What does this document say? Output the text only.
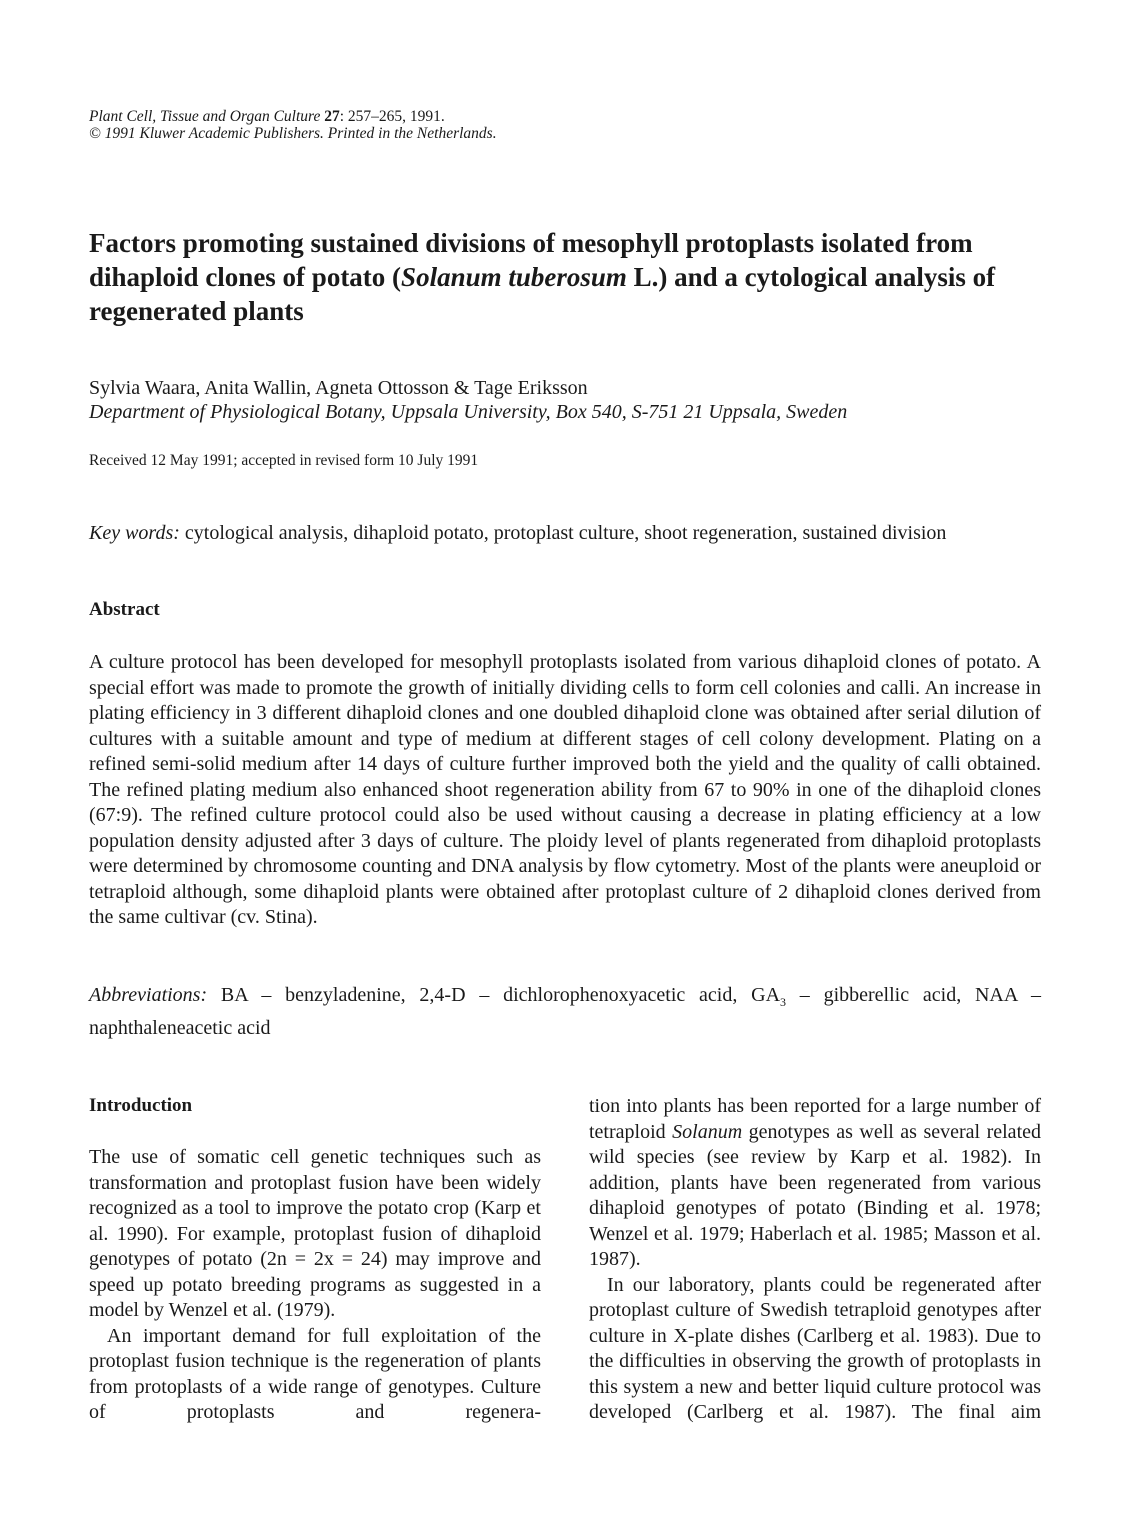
Plant Cell, Tissue and Organ Culture 27: 257–265, 1991.
© 1991 Kluwer Academic Publishers. Printed in the Netherlands.
Factors promoting sustained divisions of mesophyll protoplasts isolated from dihaploid clones of potato (Solanum tuberosum L.) and a cytological analysis of regenerated plants
Sylvia Waara, Anita Wallin, Agneta Ottosson & Tage Eriksson
Department of Physiological Botany, Uppsala University, Box 540, S-751 21 Uppsala, Sweden
Received 12 May 1991; accepted in revised form 10 July 1991
Key words: cytological analysis, dihaploid potato, protoplast culture, shoot regeneration, sustained division
Abstract
A culture protocol has been developed for mesophyll protoplasts isolated from various dihaploid clones of potato. A special effort was made to promote the growth of initially dividing cells to form cell colonies and calli. An increase in plating efficiency in 3 different dihaploid clones and one doubled dihaploid clone was obtained after serial dilution of cultures with a suitable amount and type of medium at different stages of cell colony development. Plating on a refined semi-solid medium after 14 days of culture further improved both the yield and the quality of calli obtained. The refined plating medium also enhanced shoot regeneration ability from 67 to 90% in one of the dihaploid clones (67:9). The refined culture protocol could also be used without causing a decrease in plating efficiency at a low population density adjusted after 3 days of culture. The ploidy level of plants regenerated from dihaploid protoplasts were determined by chromosome counting and DNA analysis by flow cytometry. Most of the plants were aneuploid or tetraploid although, some dihaploid plants were obtained after protoplast culture of 2 dihaploid clones derived from the same cultivar (cv. Stina).
Abbreviations: BA – benzyladenine, 2,4-D – dichlorophenoxyacetic acid, $GA_3$ – gibberellic acid, NAA – naphthaleneacetic acid
Introduction

The use of somatic cell genetic techniques such as transformation and protoplast fusion have been widely recognized as a tool to improve the potato crop (Karp et al. 1990). For example, protoplast fusion of dihaploid genotypes of potato (2n = 2x = 24) may improve and speed up potato breeding programs as suggested in a model by Wenzel et al. (1979).

An important demand for full exploitation of the protoplast fusion technique is the regeneration of plants from protoplasts of a wide range of genotypes. Culture of protoplasts and regenera-

tion into plants has been reported for a large number of tetraploid Solanum genotypes as well as several related wild species (see review by Karp et al. 1982). In addition, plants have been regenerated from various dihaploid genotypes of potato (Binding et al. 1978; Wenzel et al. 1979; Haberlach et al. 1985; Masson et al. 1987).

In our laboratory, plants could be regenerated after protoplast culture of Swedish tetraploid genotypes after culture in X-plate dishes (Carlberg et al. 1983). Due to the difficulties in observing the growth of protoplasts in this system a new and better liquid culture protocol was developed (Carlberg et al. 1987). The final aim
